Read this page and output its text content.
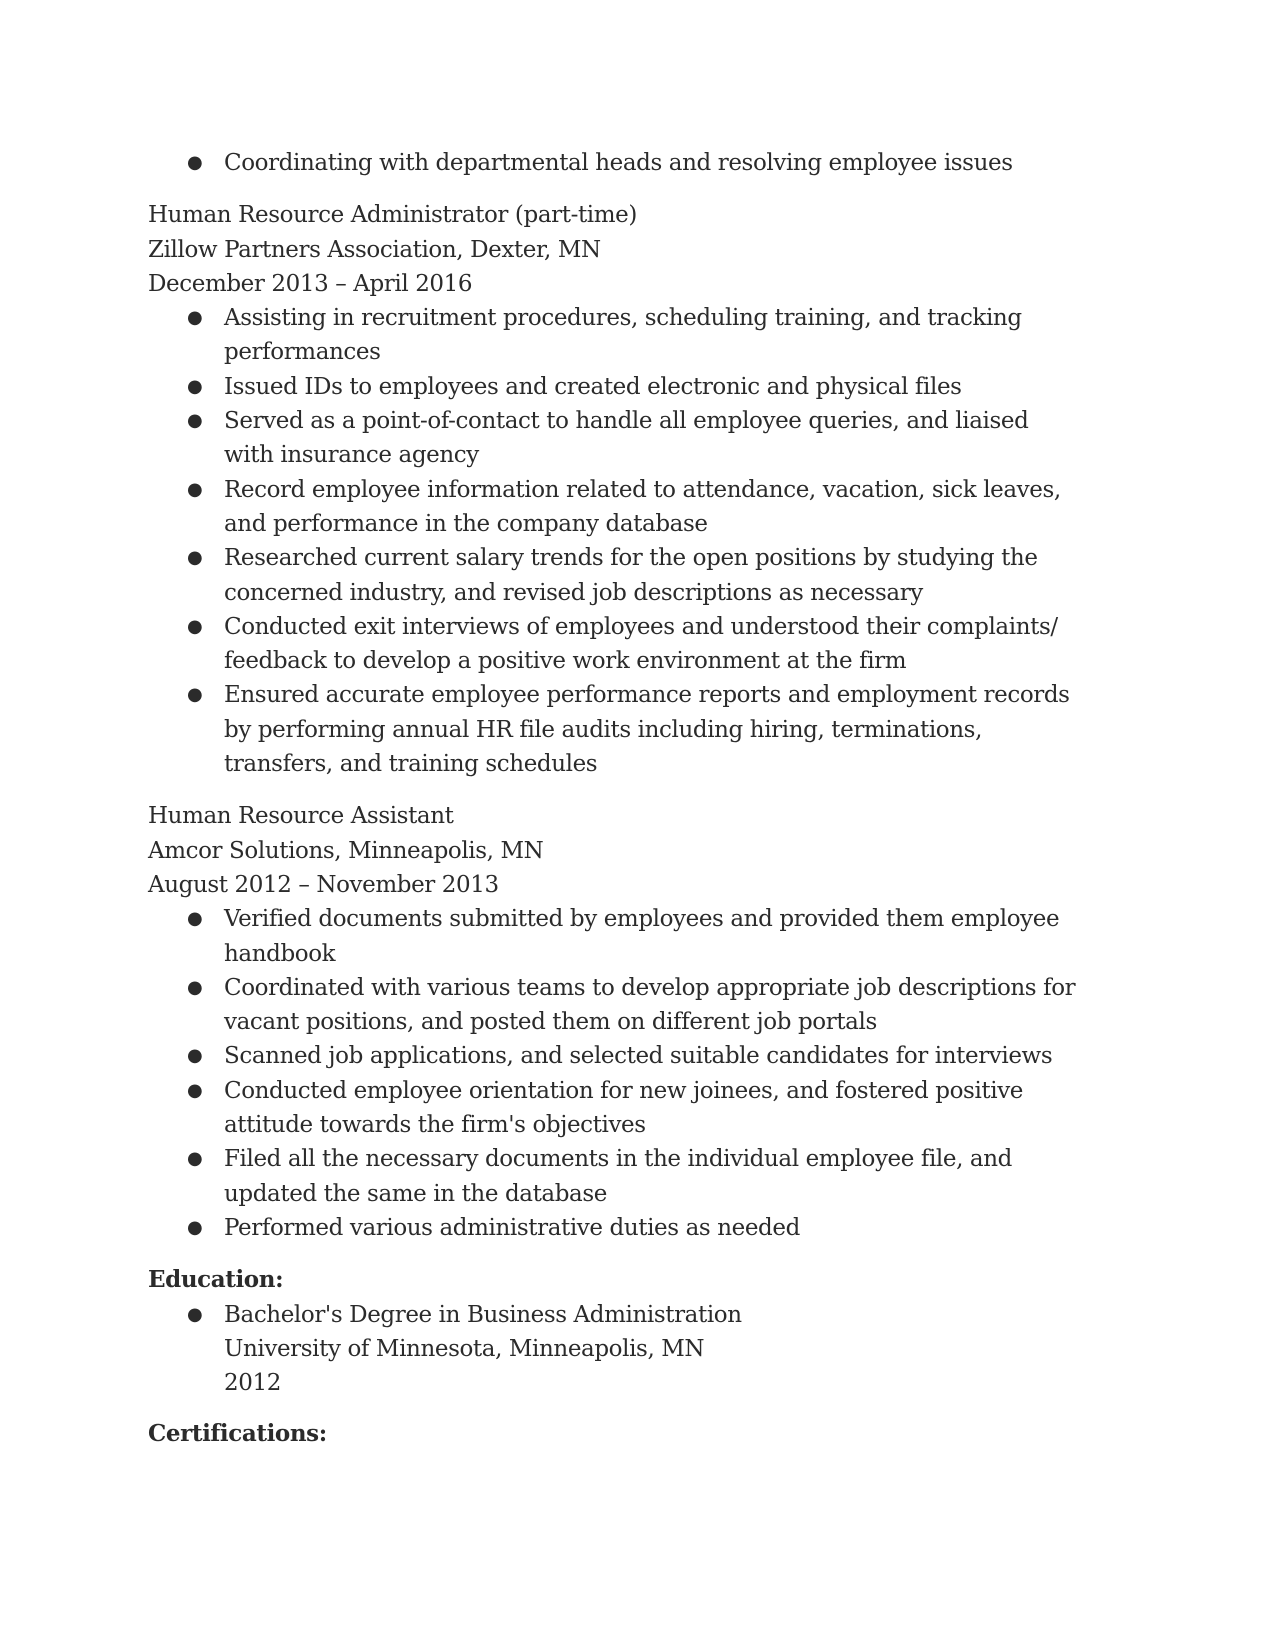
● Coordinating with departmental heads and resolving employee issues
Human Resource Administrator (part-time)
Zillow Partners Association, Dexter, MN
December 2013 – April 2016
● Assisting in recruitment procedures, scheduling training, and tracking performances
● Issued IDs to employees and created electronic and physical files
● Served as a point-of-contact to handle all employee queries, and liaised with insurance agency
● Record employee information related to attendance, vacation, sick leaves, and performance in the company database
● Researched current salary trends for the open positions by studying the concerned industry, and revised job descriptions as necessary
● Conducted exit interviews of employees and understood their complaints/ feedback to develop a positive work environment at the firm
● Ensured accurate employee performance reports and employment records by performing annual HR file audits including hiring, terminations, transfers, and training schedules
Human Resource Assistant
Amcor Solutions, Minneapolis, MN
August 2012 – November 2013
● Verified documents submitted by employees and provided them employee handbook
● Coordinated with various teams to develop appropriate job descriptions for vacant positions, and posted them on different job portals
● Scanned job applications, and selected suitable candidates for interviews
● Conducted employee orientation for new joinees, and fostered positive attitude towards the firm's objectives
● Filed all the necessary documents in the individual employee file, and updated the same in the database
● Performed various administrative duties as needed
Education:
● Bachelor's Degree in Business Administration
University of Minnesota, Minneapolis, MN
2012
Certifications:
